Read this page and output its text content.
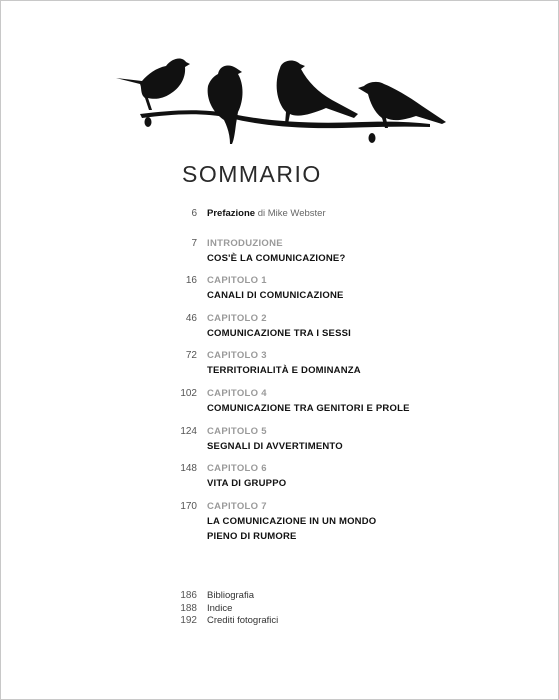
SOMMARIO
6 Prefazione di Mike Webster
7 INTRODUZIONE
COS'È LA COMUNICAZIONE?
16 CAPITOLO 1
CANALI DI COMUNICAZIONE
46 CAPITOLO 2
COMUNICAZIONE TRA I SESSI
72 CAPITOLO 3
TERRITORIALITÀ E DOMINANZA
102 CAPITOLO 4
COMUNICAZIONE TRA GENITORI E PROLE
124 CAPITOLO 5
SEGNALI DI AVVERTIMENTO
148 CAPITOLO 6
VITA DI GRUPPO
170 CAPITOLO 7
LA COMUNICAZIONE IN UN MONDO
PIENO DI RUMORE
186 Bibliografia
188 Indice
192 Crediti fotografici
